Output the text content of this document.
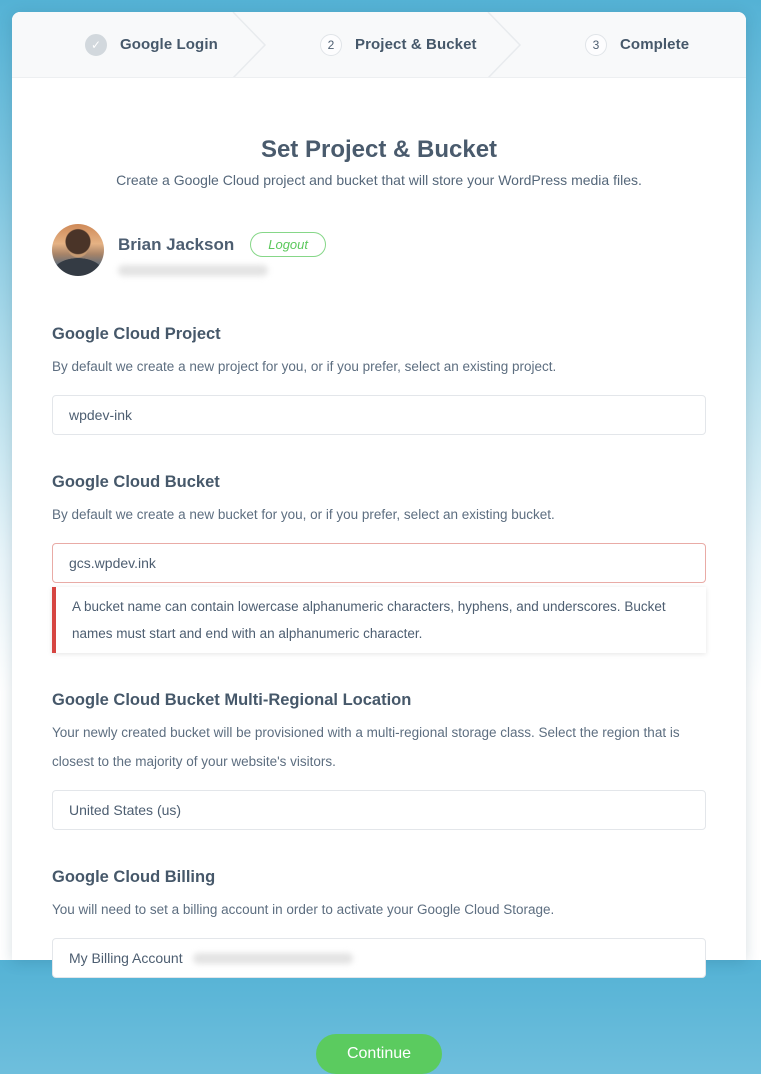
✓	Google Login	2	Project & Bucket	3	Complete
Set Project & Bucket

Create a Google Cloud project and bucket that will store your WordPress media files.

Brian Jackson	Logout
Google Cloud Project
By default we create a new project for you, or if you prefer, select an existing project.
wpdev-ink
Google Cloud Bucket
By default we create a new bucket for you, or if you prefer, select an existing bucket.
gcs.wpdev.ink
A bucket name can contain lowercase alphanumeric characters, hyphens, and underscores. Bucket names must start and end with an alphanumeric character.
Google Cloud Bucket Multi-Regional Location
Your newly created bucket will be provisioned with a multi-regional storage class. Select the region that is closest to the majority of your website's visitors.
United States (us)
Google Cloud Billing
You will need to set a billing account in order to activate your Google Cloud Storage.
My Billing Account
Continue
